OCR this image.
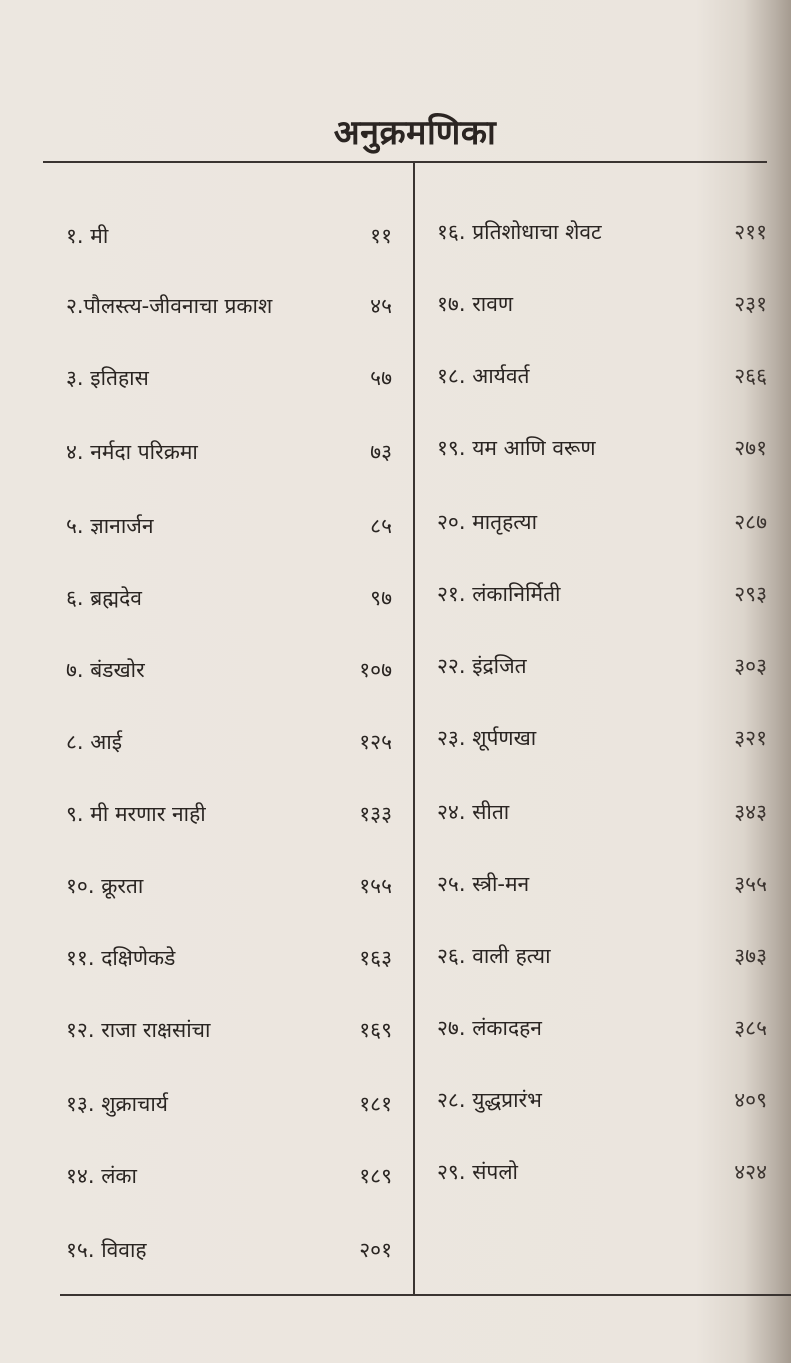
अनुक्रमणिका
१. मी	११
२.पौलस्त्य-जीवनाचा प्रकाश	४५
३. इतिहास	५७
४. नर्मदा परिक्रमा	७३
५. ज्ञानार्जन	८५
६. ब्रह्मदेव	९७
७. बंडखोर	१०७
८. आई	१२५
९. मी मरणार नाही	१३३
१०. क्रूरता	१५५
११. दक्षिणेकडे	१६३
१२. राजा राक्षसांचा	१६९
१३. शुक्राचार्य	१८१
१४. लंका	१८९
१५. विवाह	२०१
१६. प्रतिशोधाचा शेवट	२११
१७. रावण	२३१
१८. आर्यवर्त	२६६
१९. यम आणि वरूण	२७१
२०. मातृहत्या	२८७
२१. लंकानिर्मिती	२९३
२२. इंद्रजित	३०३
२३. शूर्पणखा	३२१
२४. सीता	३४३
२५. स्त्री-मन	३५५
२६. वाली हत्या	३७३
२७. लंकादहन	३८५
२८. युद्धप्रारंभ	४०९
२९. संपलो	४२४
